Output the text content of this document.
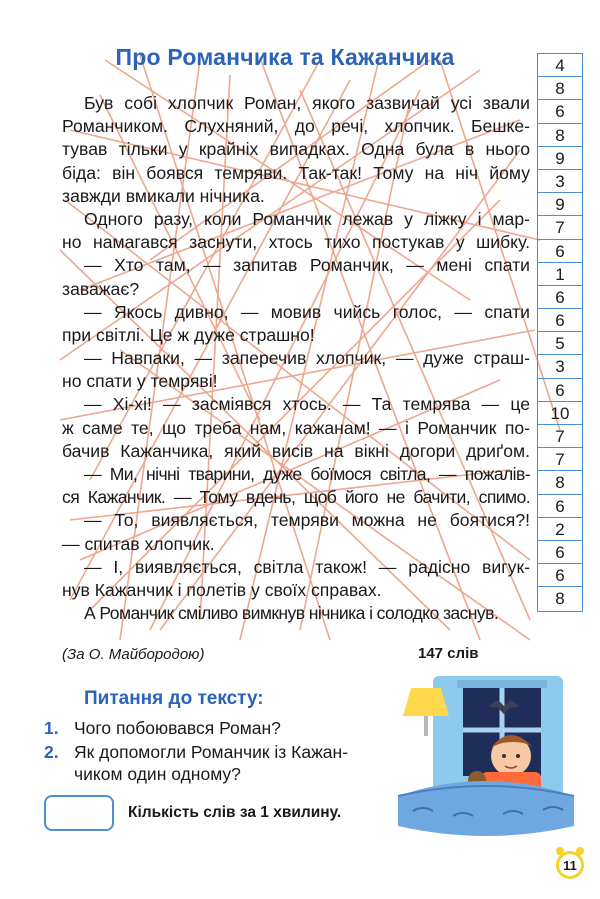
Про Романчика та Кажанчика
Був собі хлопчик Роман, якого зазвичай усі звали
Романчиком. Слухняний, до речі, хлопчик. Бешке-
тував тільки у крайніх випадках. Одна була в нього
біда: він боявся темряви. Так-так! Тому на ніч йому
завжди вмикали нічника.
Одного разу, коли Романчик лежав у ліжку і мар-
но намагався заснути, хтось тихо постукав у шибку.
— Хто там, — запитав Романчик, — мені спати
заважає?
— Якось дивно, — мовив чийсь голос, — спати
при світлі. Це ж дуже страшно!
— Навпаки, — заперечив хлопчик, — дуже страш-
но спати у темряві!
— Хі-хі! — засміявся хтось. — Та темрява — це
ж саме те, що треба нам, кажанам! — і Романчик по-
бачив Кажанчика, який висів на вікні догори дриґом.
— Ми, нічні тварини, дуже боїмося світла, — пожалів-
ся Кажанчик. — Тому вдень, щоб його не бачити, спимо.
— То, виявляється, темряви можна не боятися?!
— спитав хлопчик.
— І, виявляється, світла також! — радісно вигук-
нув Кажанчик і полетів у своїх справах.
А Романчик сміливо вимкнув нічника і солодко заснув.
4
8
6
8
9
3
9
7
6
1
6
6
5
3
6
10
7
7
8
6
2
6
6
8
(За О. Майбородою)	147 слів
Питання до тексту:
1. Чого побоювався Роман?
2. Як допомогли Романчик із Кажан-
чиком один одному?
Кількість слів за 1 хвилину.
11
